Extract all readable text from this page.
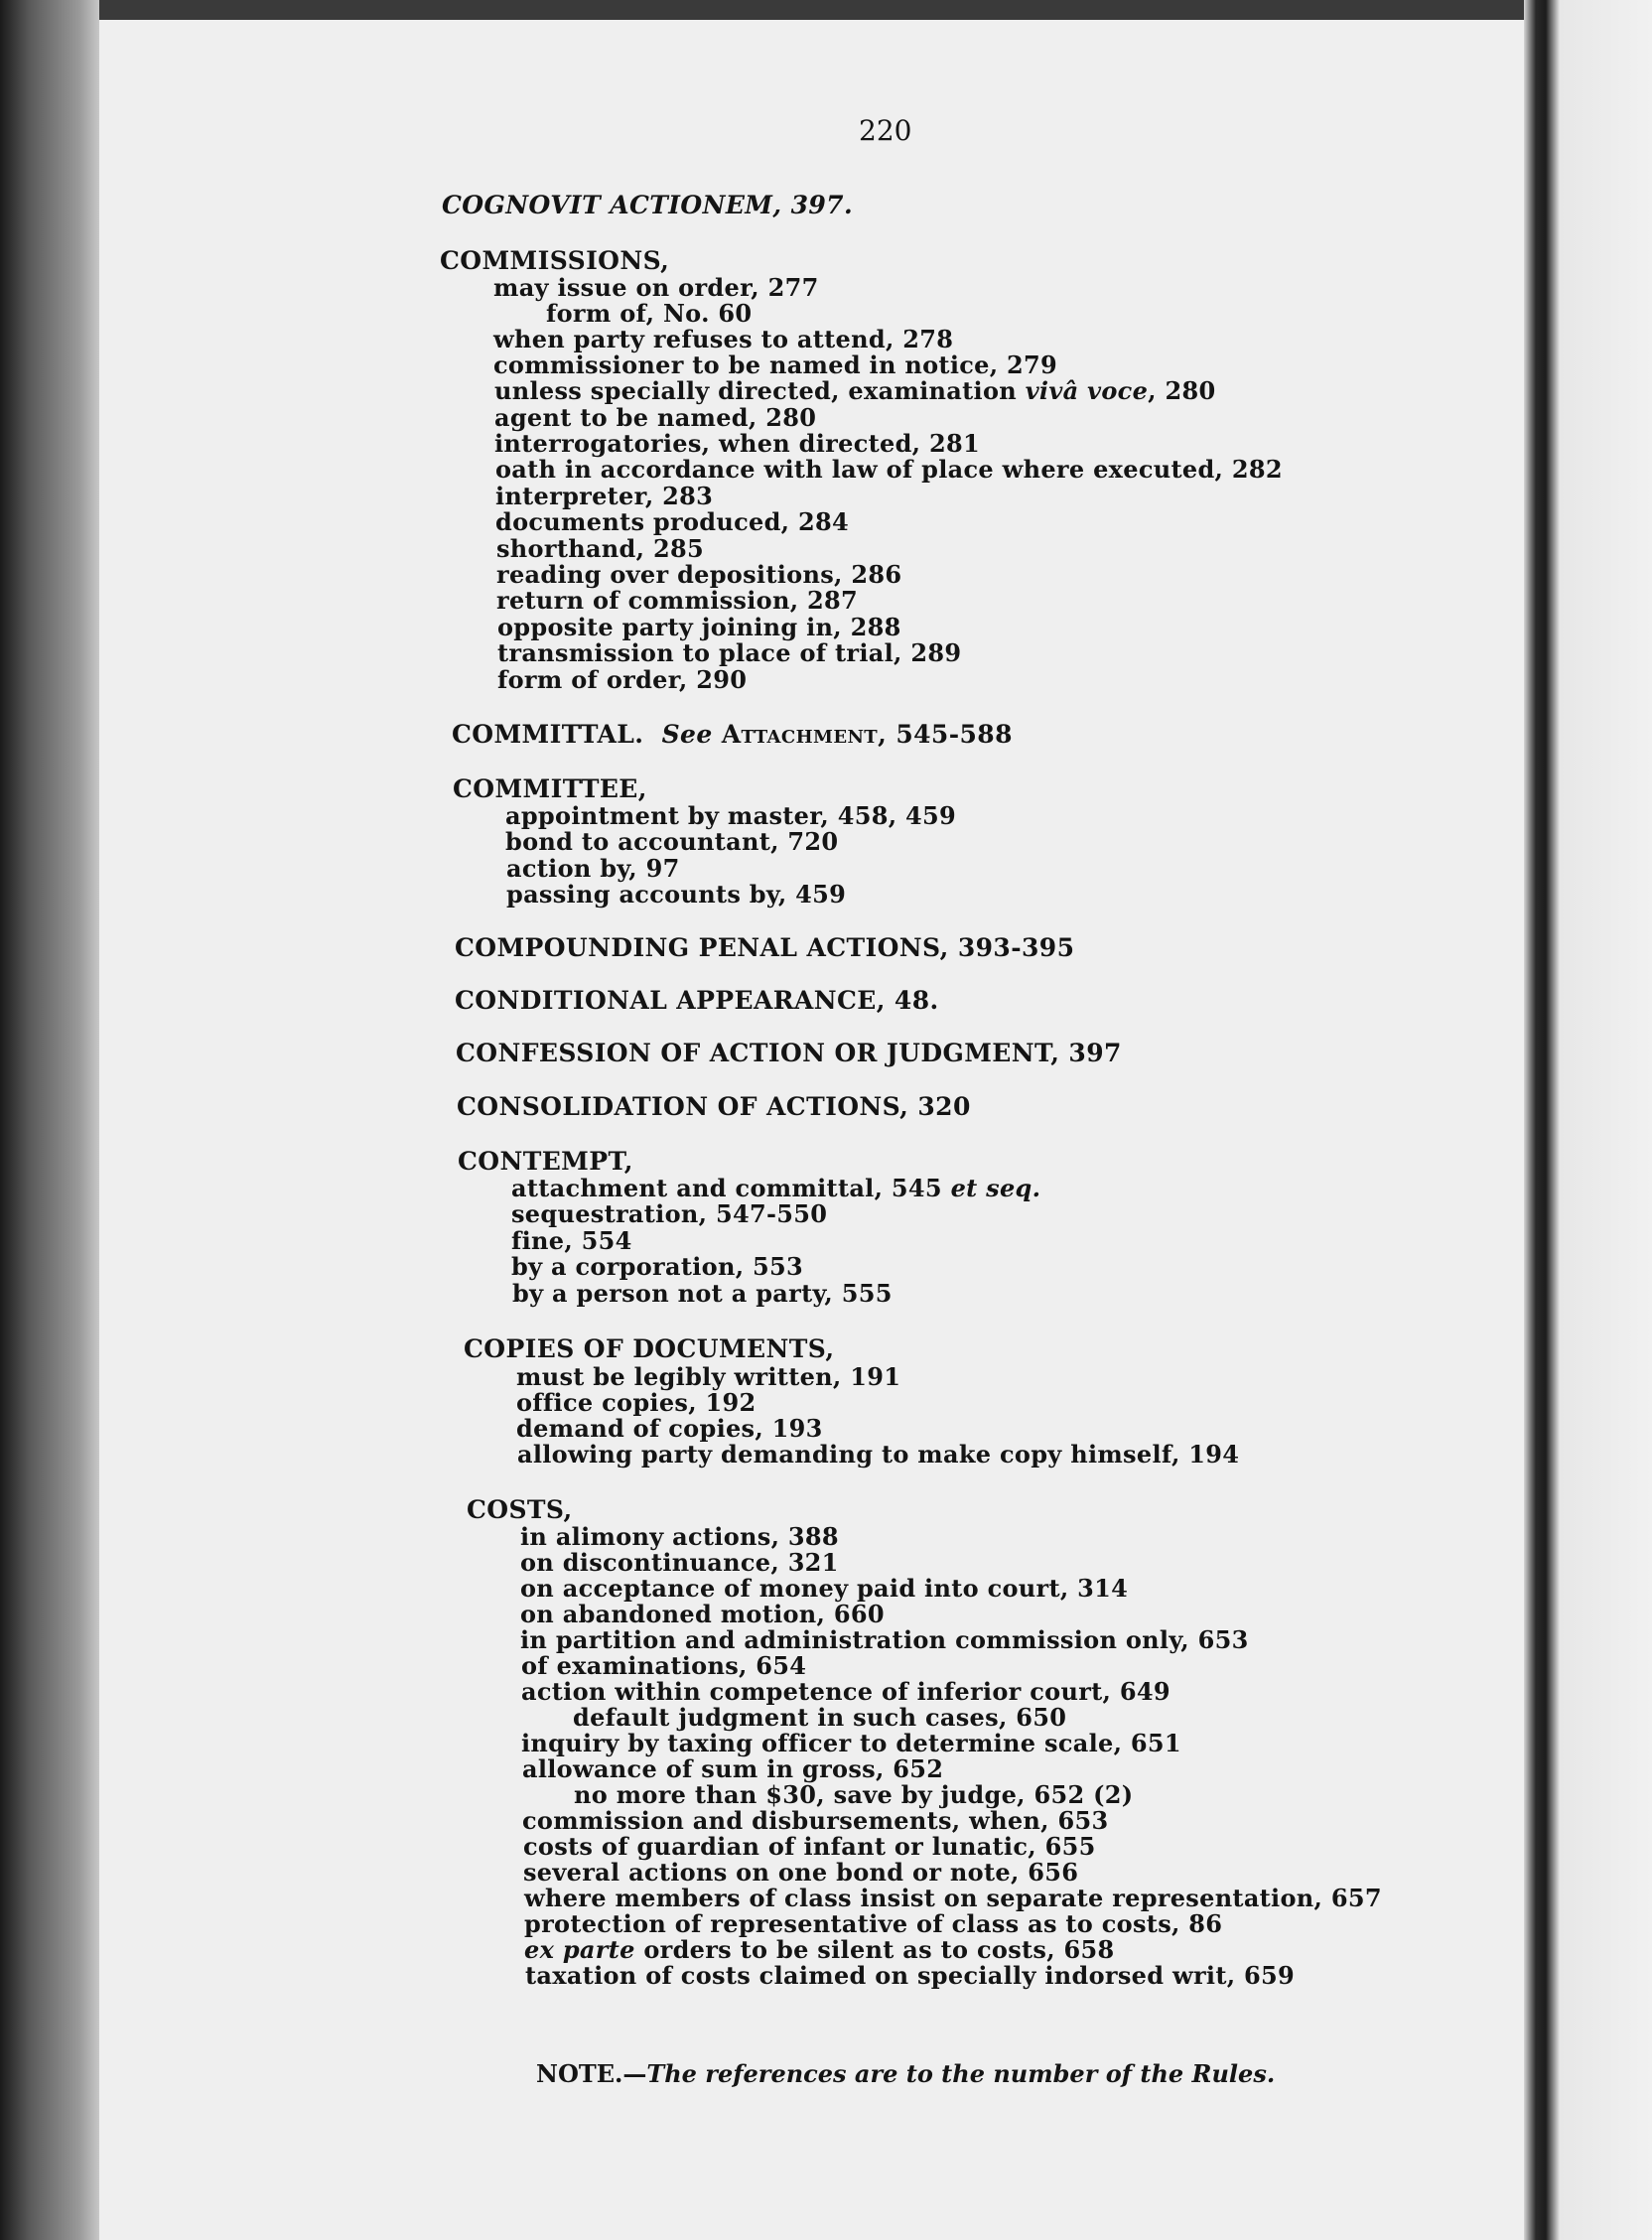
220
COGNOVIT ACTIONEM, 397.
COMMISSIONS,
may issue on order, 277
form of, No. 60
when party refuses to attend, 278
commissioner to be named in notice, 279
unless specially directed, examination vivâ voce, 280
agent to be named, 280
interrogatories, when directed, 281
oath in accordance with law of place where executed, 282
interpreter, 283
documents produced, 284
shorthand, 285
reading over depositions, 286
return of commission, 287
opposite party joining in, 288
transmission to place of trial, 289
form of order, 290
COMMITTAL. See Attachment, 545-588
COMMITTEE,
appointment by master, 458, 459
bond to accountant, 720
action by, 97
passing accounts by, 459
COMPOUNDING PENAL ACTIONS, 393-395
CONDITIONAL APPEARANCE, 48.
CONFESSION OF ACTION OR JUDGMENT, 397
CONSOLIDATION OF ACTIONS, 320
CONTEMPT,
attachment and committal, 545 et seq.
sequestration, 547-550
fine, 554
by a corporation, 553
by a person not a party, 555
COPIES OF DOCUMENTS,
must be legibly written, 191
office copies, 192
demand of copies, 193
allowing party demanding to make copy himself, 194
COSTS,
in alimony actions, 388
on discontinuance, 321
on acceptance of money paid into court, 314
on abandoned motion, 660
in partition and administration commission only, 653
of examinations, 654
action within competence of inferior court, 649
default judgment in such cases, 650
inquiry by taxing officer to determine scale, 651
allowance of sum in gross, 652
no more than $30, save by judge, 652 (2)
commission and disbursements, when, 653
costs of guardian of infant or lunatic, 655
several actions on one bond or note, 656
where members of class insist on separate representation, 657
protection of representative of class as to costs, 86
ex parte orders to be silent as to costs, 658
taxation of costs claimed on specially indorsed writ, 659
NOTE.—The references are to the number of the Rules.
